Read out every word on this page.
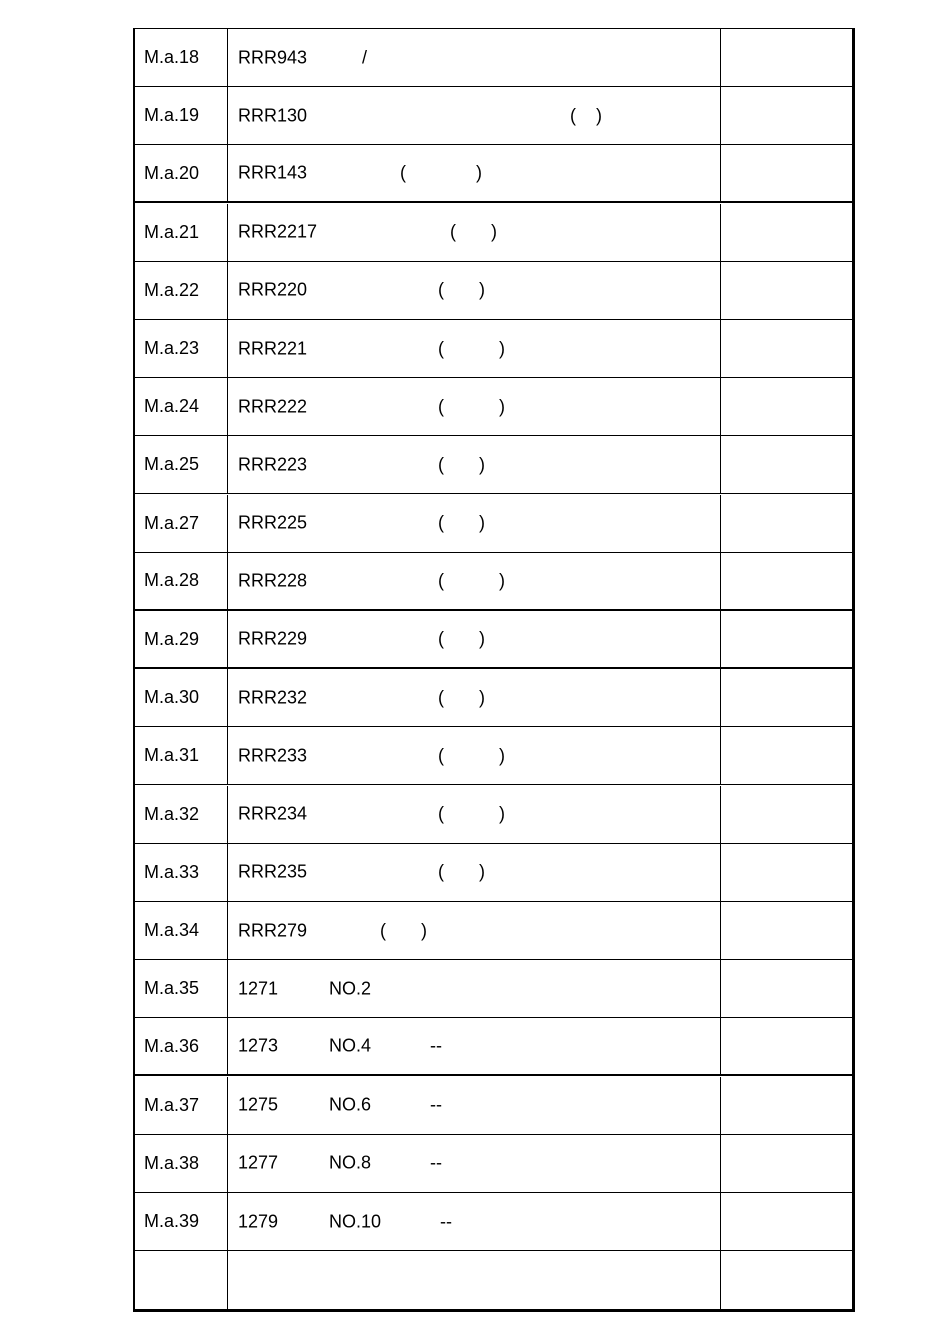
M.a.18	RRR943	/
M.a.19	RRR130	(    )
M.a.20	RRR143	(              )
M.a.21	RRR2217	(       )
M.a.22	RRR220	(       )
M.a.23	RRR221	(           )
M.a.24	RRR222	(           )
M.a.25	RRR223	(       )
M.a.27	RRR225	(       )
M.a.28	RRR228	(           )
M.a.29	RRR229	(       )
M.a.30	RRR232	(       )
M.a.31	RRR233	(           )
M.a.32	RRR234	(           )
M.a.33	RRR235	(       )
M.a.34	RRR279	(       )
M.a.35	1271	NO.2
M.a.36	1273	NO.4	--
M.a.37	1275	NO.6	--
M.a.38	1277	NO.8	--
M.a.39	1279	NO.10	--
